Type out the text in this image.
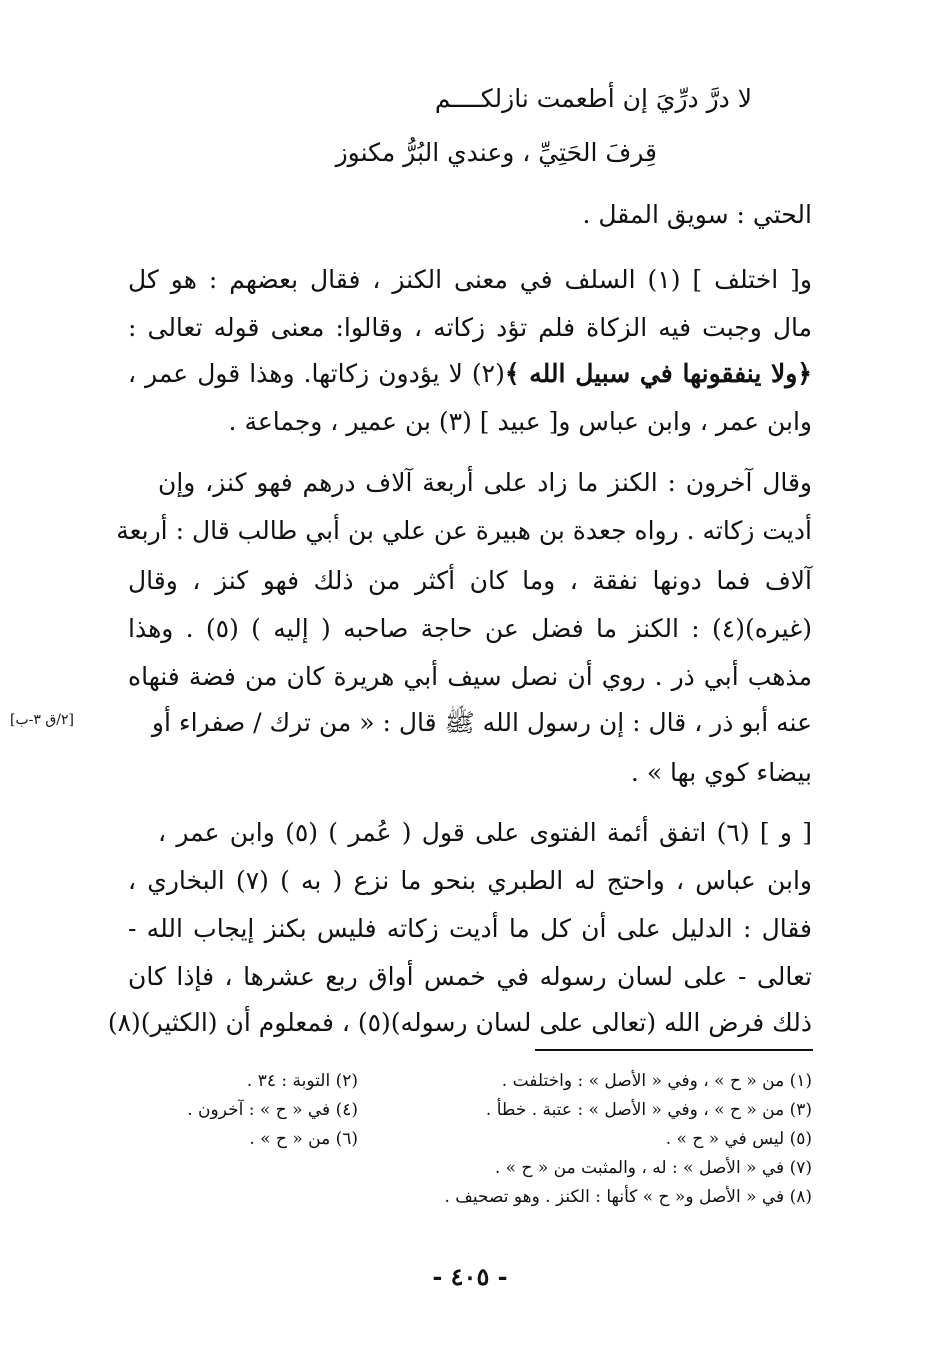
لا درَّ درِّيَ إن أطعمت نازلكــــم
قِرفَ الحَتِيِّ ، وعندي البُرُّ مكنوز
الحتي : سويق المقل .
و[ اختلف ] (١) السلف في معنى الكنز ، فقال بعضهم : هو كل
مال وجبت فيه الزكاة فلم تؤد زكاته ، وقالوا: معنى قوله تعالى :
﴿ولا ينفقونها في سبيل الله ﴾(٢) لا يؤدون زكاتها. وهذا قول عمر ،
وابن عمر ، وابن عباس و[ عبيد ] (٣) بن عمير ، وجماعة .
وقال آخرون : الكنز ما زاد على أربعة آلاف درهم فهو كنز، وإن
أديت زكاته . رواه جعدة بن هبيرة عن علي بن أبي طالب قال : أربعة
آلاف فما دونها نفقة ، وما كان أكثر من ذلك فهو كنز ، وقال
(غيره)(٤) : الكنز ما فضل عن حاجة صاحبه ( إليه ) (٥) . وهذا
مذهب أبي ذر . روي أن نصل سيف أبي هريرة كان من فضة فنهاه
عنه أبو ذر ، قال : إن رسول الله ﷺ قال : « من ترك / صفراء أو
بيضاء كوي بها » .
[٢/ق ٣-ب]
[ و ] (٦) اتفق أئمة الفتوى على قول ( عُمر ) (٥) وابن عمر ،
وابن عباس ، واحتج له الطبري بنحو ما نزع ( به ) (٧) البخاري ،
فقال : الدليل على أن كل ما أديت زكاته فليس بكنز إيجاب الله -
تعالى - على لسان رسوله في خمس أواق ربع عشرها ، فإذا كان
ذلك فرض الله (تعالى على لسان رسوله)(٥) ، فمعلوم أن (الكثير)(٨)
(١) من « ح » ، وفي « الأصل » : واختلفت .
(٢) التوبة : ٣٤ .
(٣) من « ح » ، وفي « الأصل » : عتبة . خطأ .
(٤) في « ح » : آخرون .
(٥) ليس في « ح » .
(٦) من « ح » .
(٧) في « الأصل » : له ، والمثبت من « ح » .
(٨) في « الأصل و« ح » كأنها : الكنز . وهو تصحيف .
- ٤٠٥ -
